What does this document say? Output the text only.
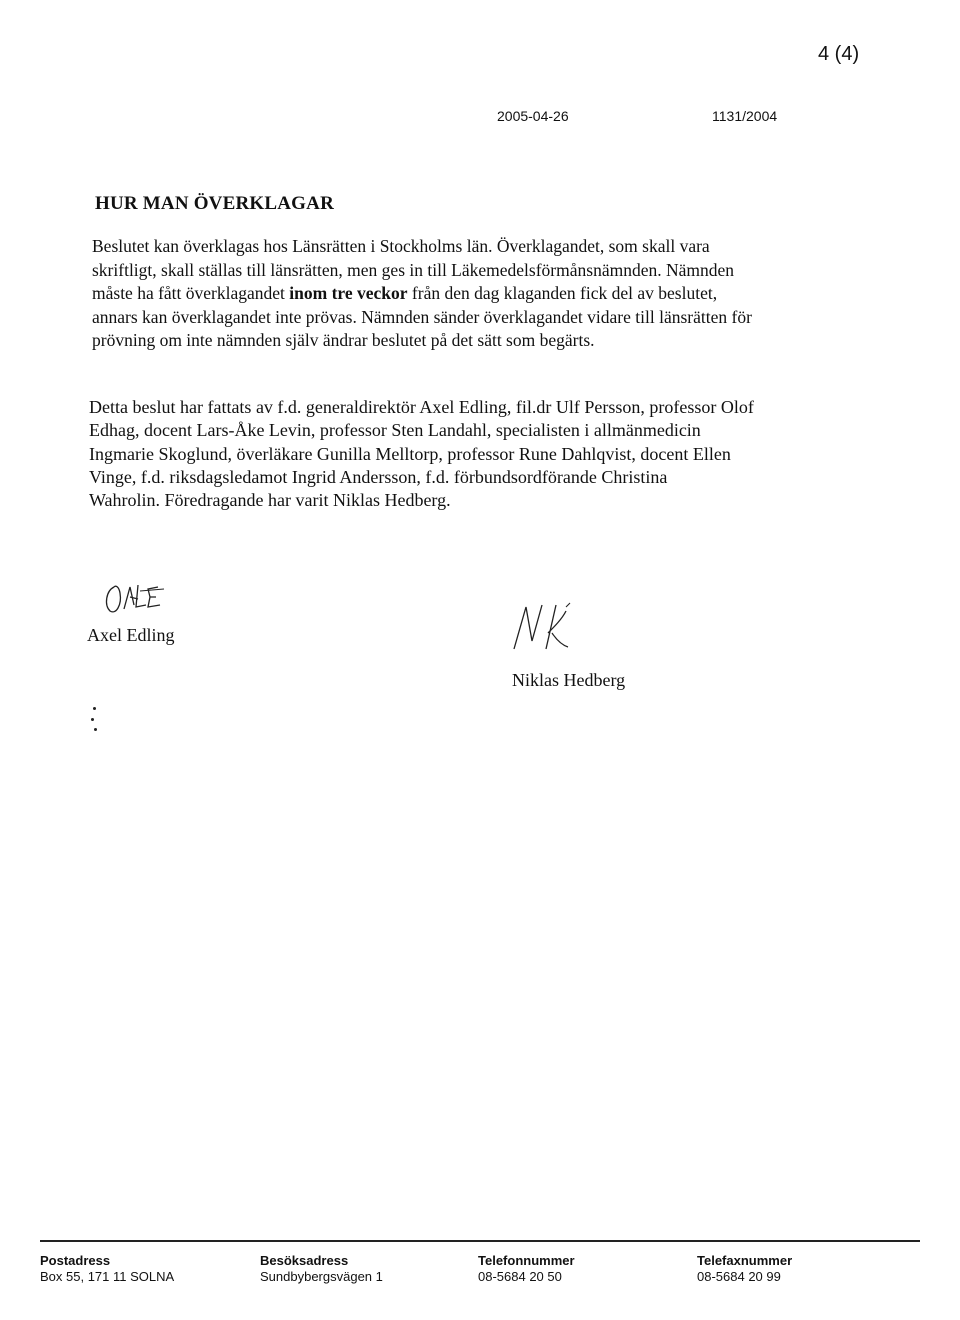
4 (4)
2005-04-26	1131/2004
HUR MAN ÖVERKLAGAR
Beslutet kan överklagas hos Länsrätten i Stockholms län. Överklagandet, som skall vara
skriftligt, skall ställas till länsrätten, men ges in till Läkemedelsförmånsnämnden. Nämnden
måste ha fått överklagandet inom tre veckor från den dag klaganden fick del av beslutet,
annars kan överklagandet inte prövas. Nämnden sänder överklagandet vidare till länsrätten för
prövning om inte nämnden själv ändrar beslutet på det sätt som begärts.
Detta beslut har fattats av f.d. generaldirektör Axel Edling, fil.dr Ulf Persson, professor Olof
Edhag, docent Lars-Åke Levin, professor Sten Landahl, specialisten i allmänmedicin
Ingmarie Skoglund, överläkare Gunilla Melltorp, professor Rune Dahlqvist, docent Ellen
Vinge, f.d. riksdagsledamot Ingrid Andersson, f.d. förbundsordförande Christina
Wahrolin. Föredragande har varit Niklas Hedberg.
Axel Edling
Niklas Hedberg
Postadress
Box 55, 171 11 SOLNA
Besöksadress
Sundbybergsvägen 1
Telefonnummer
08-5684 20 50
Telefaxnummer
08-5684 20 99
